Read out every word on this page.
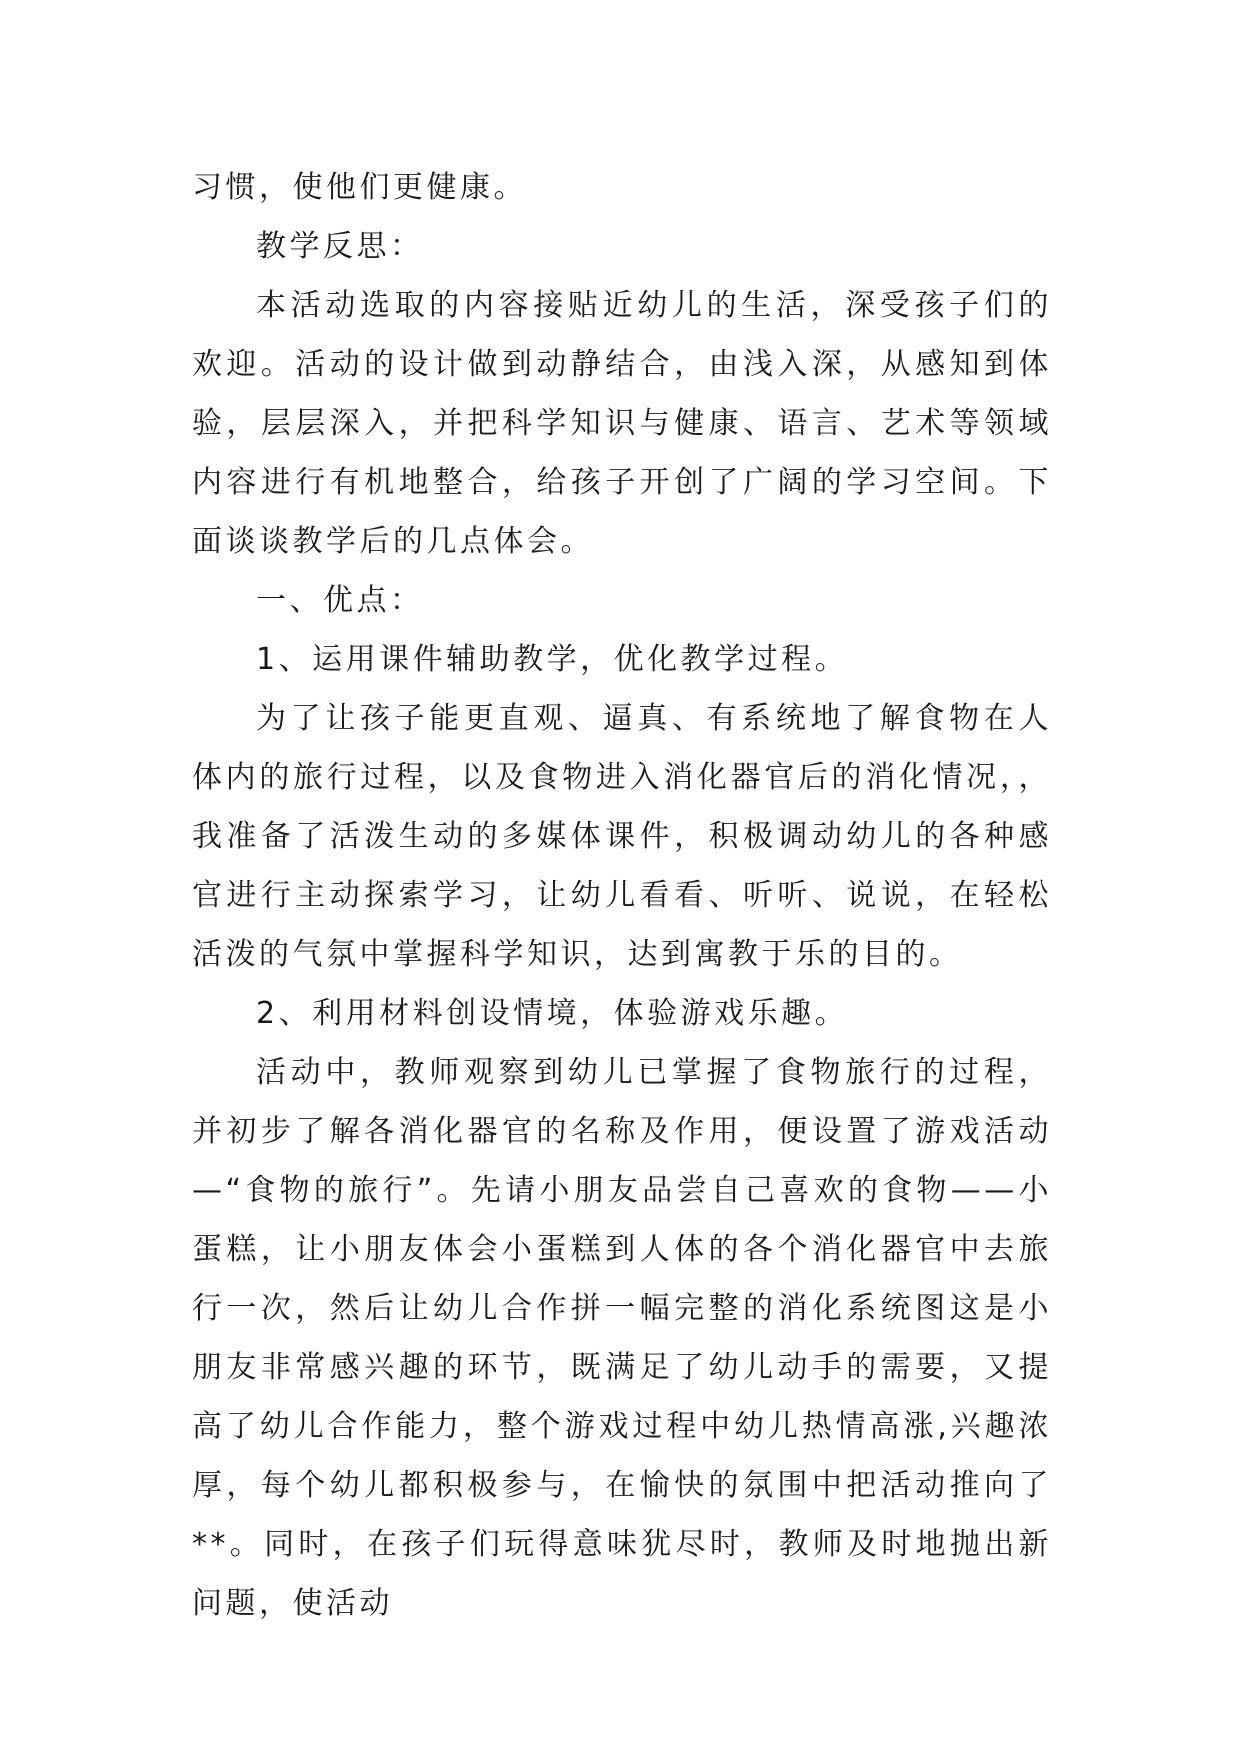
习惯，使他们更健康。

教学反思：

本活动选取的内容接贴近幼儿的生活，深受孩子们的欢迎。活动的设计做到动静结合，由浅入深，从感知到体验，层层深入，并把科学知识与健康、语言、艺术等领域内容进行有机地整合，给孩子开创了广阔的学习空间。下面谈谈教学后的几点体会。

一、优点：

1、运用课件辅助教学，优化教学过程。

为了让孩子能更直观、逼真、有系统地了解食物在人体内的旅行过程，以及食物进入消化器官后的消化情况，，我准备了活泼生动的多媒体课件，积极调动幼儿的各种感官进行主动探索学习，让幼儿看看、听听、说说，在轻松活泼的气氛中掌握科学知识，达到寓教于乐的目的。

2、利用材料创设情境，体验游戏乐趣。

活动中，教师观察到幼儿已掌握了食物旅行的过程，并初步了解各消化器官的名称及作用，便设置了游戏活动—“食物的旅行”。先请小朋友品尝自己喜欢的食物——小蛋糕，让小朋友体会小蛋糕到人体的各个消化器官中去旅行一次，然后让幼儿合作拼一幅完整的消化系统图这是小朋友非常感兴趣的环节，既满足了幼儿动手的需要，又提高了幼儿合作能力，整个游戏过程中幼儿热情高涨,兴趣浓厚，每个幼儿都积极参与，在愉快的氛围中把活动推向了**。同时，在孩子们玩得意味犹尽时，教师及时地抛出新问题，使活动
